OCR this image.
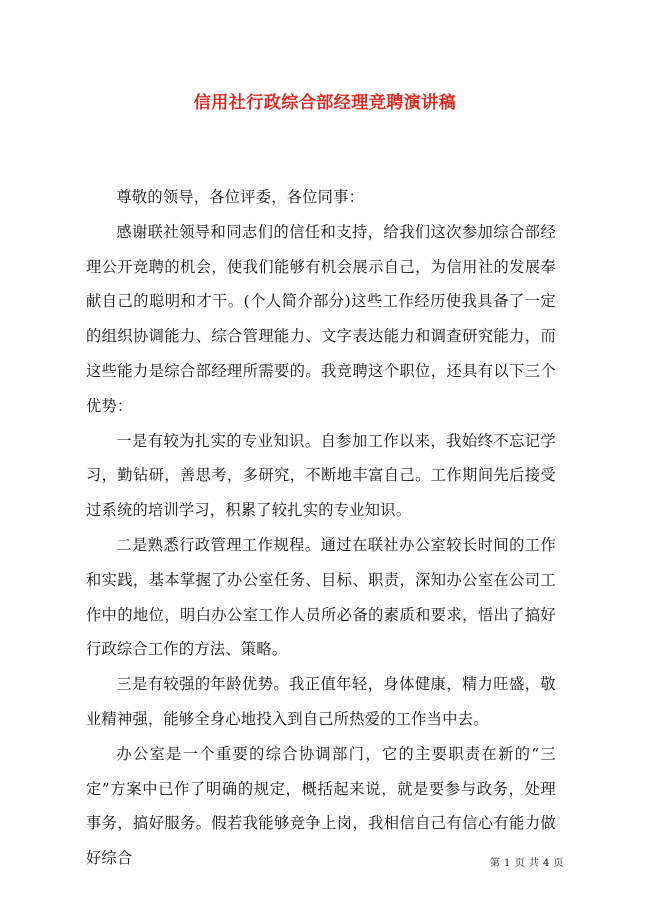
信用社行政综合部经理竞聘演讲稿

尊敬的领导，各位评委，各位同事：

感谢联社领导和同志们的信任和支持，给我们这次参加综合部经理公开竞聘的机会，使我们能够有机会展示自己，为信用社的发展奉献自己的聪明和才干。(个人简介部分)这些工作经历使我具备了一定的组织协调能力、综合管理能力、文字表达能力和调查研究能力，而这些能力是综合部经理所需要的。我竞聘这个职位，还具有以下三个优势：

一是有较为扎实的专业知识。自参加工作以来，我始终不忘记学习，勤钻研，善思考，多研究，不断地丰富自己。工作期间先后接受过系统的培训学习，积累了较扎实的专业知识。

二是熟悉行政管理工作规程。通过在联社办公室较长时间的工作和实践，基本掌握了办公室任务、目标、职责，深知办公室在公司工作中的地位，明白办公室工作人员所必备的素质和要求，悟出了搞好行政综合工作的方法、策略。

三是有较强的年龄优势。我正值年轻，身体健康，精力旺盛，敬业精神强，能够全身心地投入到自己所热爱的工作当中去。

办公室是一个重要的综合协调部门，它的主要职责在新的“三定”方案中已作了明确的规定，概括起来说，就是要参与政务，处理事务，搞好服务。假若我能够竞争上岗，我相信自己有信心有能力做好综合	第 1 页 共 4 页
